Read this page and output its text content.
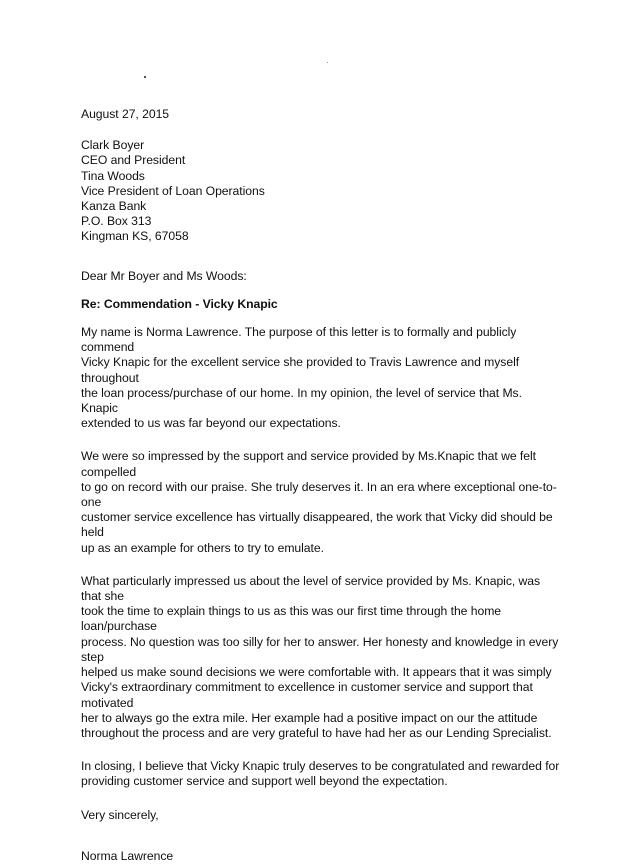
August 27, 2015
Clark Boyer
CEO and President
Tina Woods
Vice President of Loan Operations
Kanza Bank
P.O. Box 313
Kingman KS, 67058
Dear Mr Boyer and Ms Woods:
Re: Commendation - Vicky Knapic
My name is Norma Lawrence. The purpose of this letter is to formally and publicly commend
Vicky Knapic for the excellent service she provided to Travis Lawrence and myself throughout
the loan process/purchase of our home. In my opinion, the level of service that Ms. Knapic
extended to us was far beyond our expectations.
We were so impressed by the support and service provided by Ms.Knapic that we felt compelled
to go on record with our praise. She truly deserves it. In an era where exceptional one-to-one
customer service excellence has virtually disappeared, the work that Vicky did should be held
up as an example for others to try to emulate.
What particularly impressed us about the level of service provided by Ms. Knapic, was that she
took the time to explain things to us as this was our first time through the home loan/purchase
process. No question was too silly for her to answer. Her honesty and knowledge in every step
helped us make sound decisions we were comfortable with. It appears that it was simply
Vicky's extraordinary commitment to excellence in customer service and support that motivated
her to always go the extra mile. Her example had a positive impact on our the attitude
throughout the process and are very grateful to have had her as our Lending Sprecialist.
In closing, I believe that Vicky Knapic truly deserves to be congratulated and rewarded for
providing customer service and support well beyond the expectation.
Very sincerely,
Norma Lawrence
